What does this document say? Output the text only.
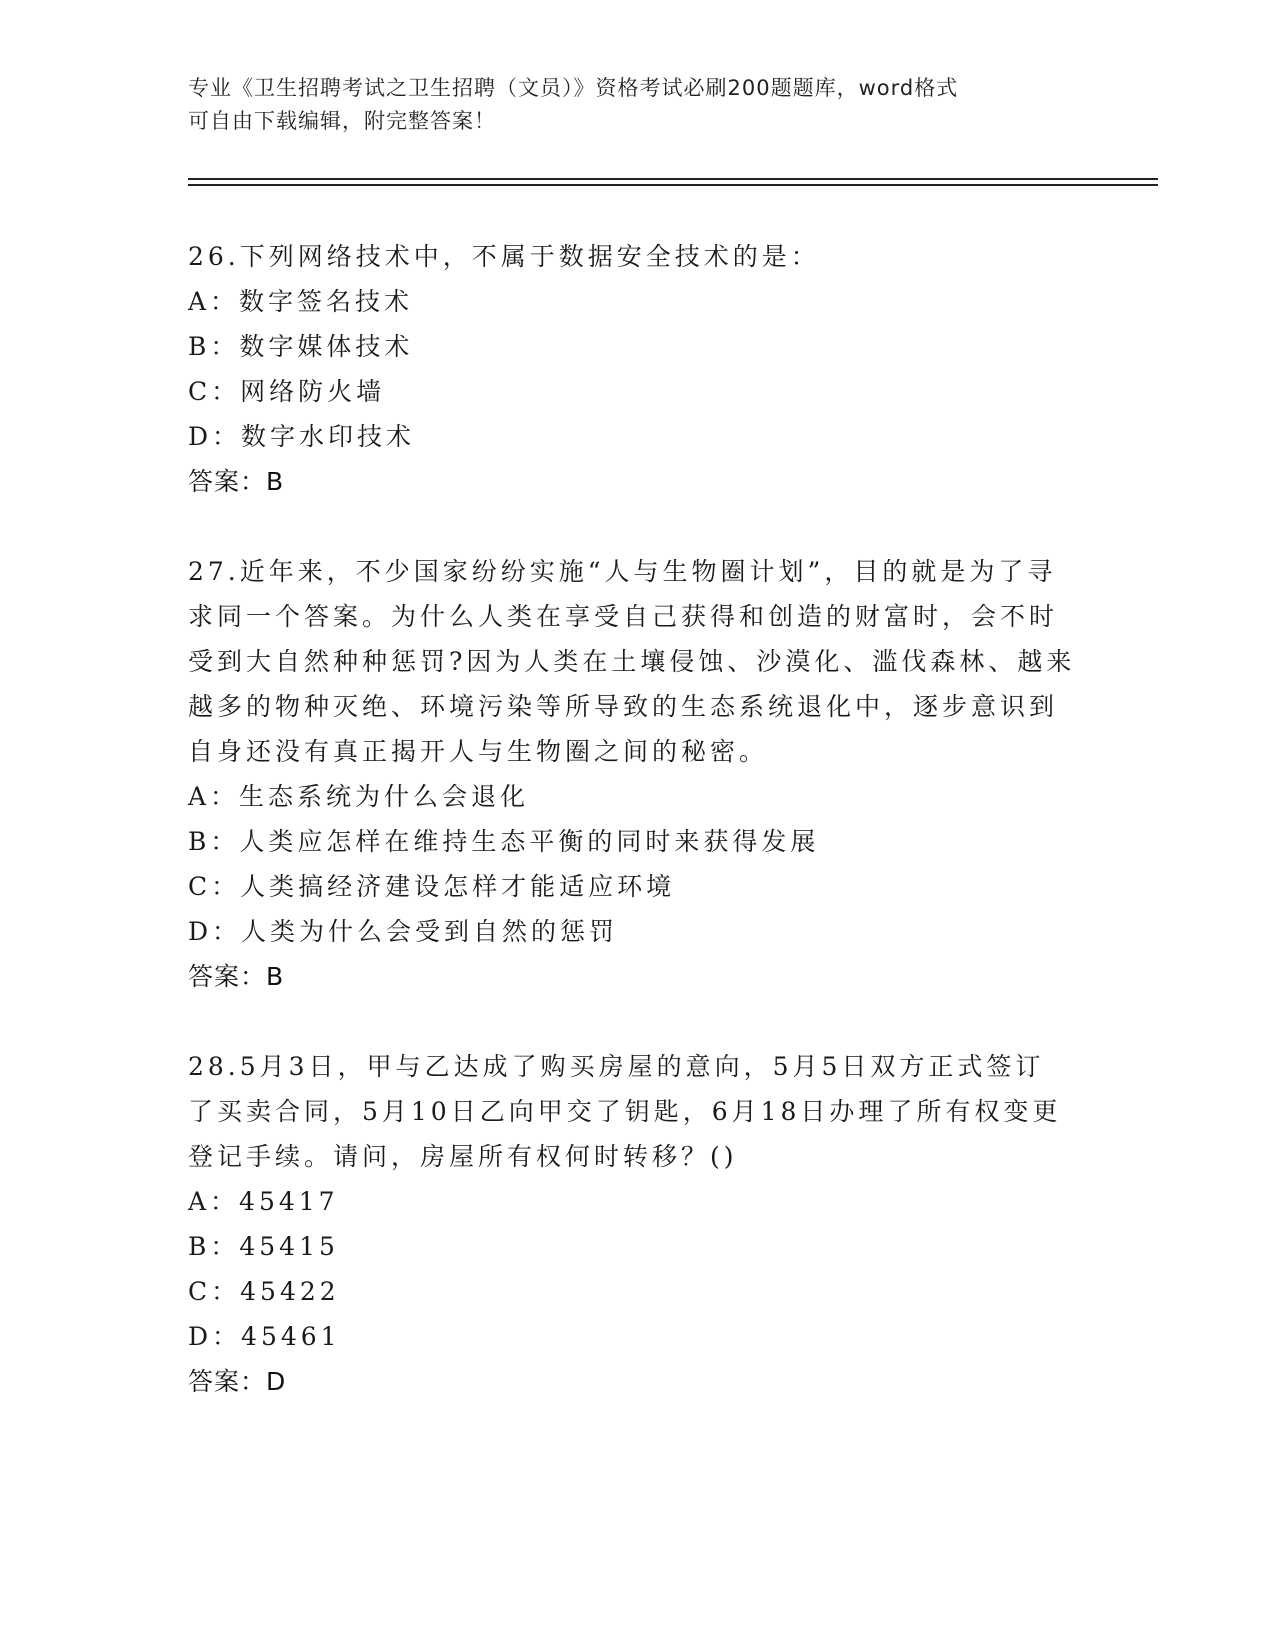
专业《卫生招聘考试之卫生招聘（文员）》资格考试必刷200题题库，word格式
可自由下载编辑，附完整答案！
26.下列网络技术中，不属于数据安全技术的是：
A：数字签名技术
B：数字媒体技术
C：网络防火墙
D：数字水印技术
答案：B
27.近年来，不少国家纷纷实施“人与生物圈计划”，目的就是为了寻
求同一个答案。为什么人类在享受自己获得和创造的财富时，会不时
受到大自然种种惩罚?因为人类在土壤侵蚀、沙漠化、滥伐森林、越来
越多的物种灭绝、环境污染等所导致的生态系统退化中，逐步意识到
自身还没有真正揭开人与生物圈之间的秘密。
A：生态系统为什么会退化
B：人类应怎样在维持生态平衡的同时来获得发展
C：人类搞经济建设怎样才能适应环境
D：人类为什么会受到自然的惩罚
答案：B
28.5月3日，甲与乙达成了购买房屋的意向，5月5日双方正式签订
了买卖合同，5月10日乙向甲交了钥匙，6月18日办理了所有权变更
登记手续。请问，房屋所有权何时转移？()
A：45417
B：45415
C：45422
D：45461
答案：D
